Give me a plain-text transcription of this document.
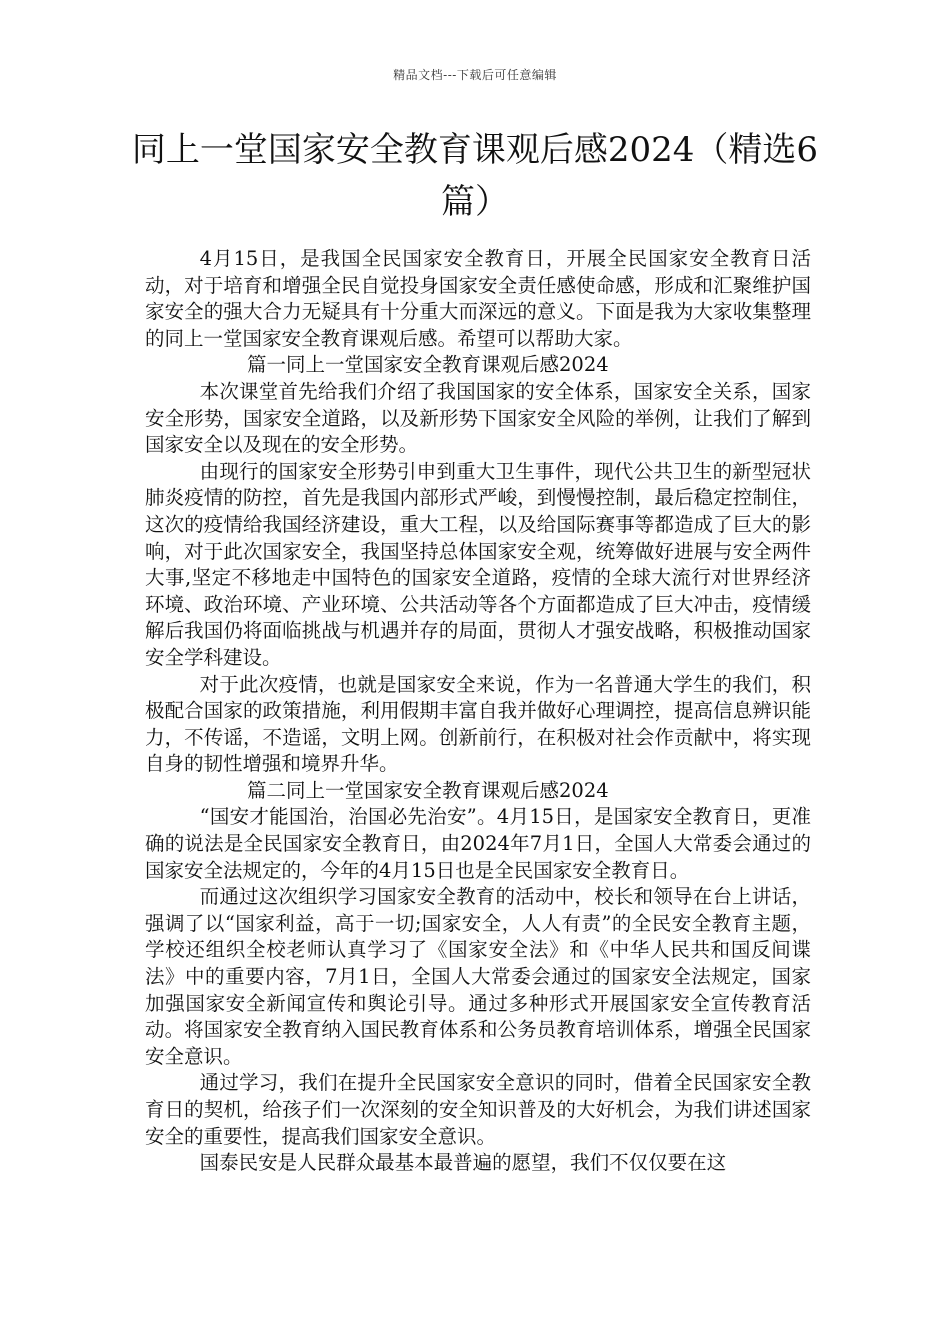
精品文档---下载后可任意编辑
同上一堂国家安全教育课观后感2024（精选6篇）

4月15日，是我国全民国家安全教育日，开展全民国家安全教育日活动，对于培育和增强全民自觉投身国家安全责任感使命感，形成和汇聚维护国家安全的强大合力无疑具有十分重大而深远的意义。下面是我为大家收集整理的同上一堂国家安全教育课观后感。希望可以帮助大家。

篇一同上一堂国家安全教育课观后感2024

本次课堂首先给我们介绍了我国国家的安全体系，国家安全关系，国家安全形势，国家安全道路，以及新形势下国家安全风险的举例，让我们了解到国家安全以及现在的安全形势。

由现行的国家安全形势引申到重大卫生事件，现代公共卫生的新型冠状肺炎疫情的防控，首先是我国内部形式严峻，到慢慢控制，最后稳定控制住，这次的疫情给我国经济建设，重大工程，以及给国际赛事等都造成了巨大的影响，对于此次国家安全，我国坚持总体国家安全观，统筹做好进展与安全两件大事,坚定不移地走中国特色的国家安全道路，疫情的全球大流行对世界经济环境、政治环境、产业环境、公共活动等各个方面都造成了巨大冲击，疫情缓解后我国仍将面临挑战与机遇并存的局面，贯彻人才强安战略，积极推动国家安全学科建设。

对于此次疫情，也就是国家安全来说，作为一名普通大学生的我们，积极配合国家的政策措施，利用假期丰富自我并做好心理调控，提高信息辨识能力，不传谣，不造谣，文明上网。创新前行，在积极对社会作贡献中，将实现自身的韧性增强和境界升华。

篇二同上一堂国家安全教育课观后感2024

“国安才能国治，治国必先治安”。4月15日，是国家安全教育日，更准确的说法是全民国家安全教育日，由2024年7月1日，全国人大常委会通过的国家安全法规定的，今年的4月15日也是全民国家安全教育日。

而通过这次组织学习国家安全教育的活动中，校长和领导在台上讲话，强调了以“国家利益，高于一切;国家安全，人人有责”的全民安全教育主题，学校还组织全校老师认真学习了《国家安全法》和《中华人民共和国反间谍法》中的重要内容，7月1日，全国人大常委会通过的国家安全法规定，国家加强国家安全新闻宣传和舆论引导。通过多种形式开展国家安全宣传教育活动。将国家安全教育纳入国民教育体系和公务员教育培训体系，增强全民国家安全意识。

通过学习，我们在提升全民国家安全意识的同时，借着全民国家安全教育日的契机，给孩子们一次深刻的安全知识普及的大好机会，为我们讲述国家安全的重要性，提高我们国家安全意识。

国泰民安是人民群众最基本最普遍的愿望，我们不仅仅要在这
